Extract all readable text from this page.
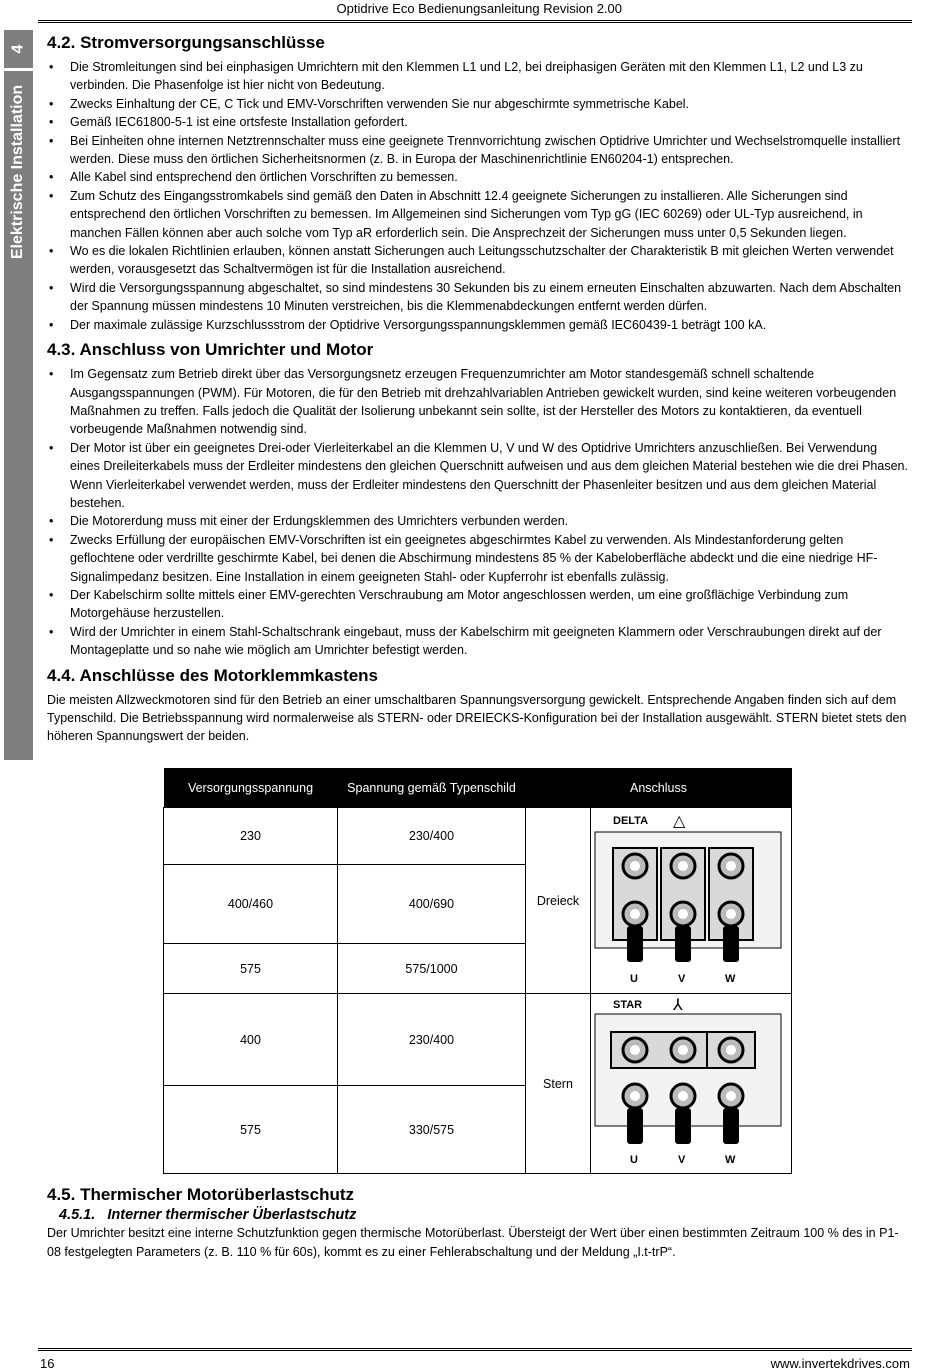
Optidrive Eco Bedienungsanleitung Revision 2.00
4
Elektrische Installation
4.2. Stromversorgungsanschlüsse
• Die Stromleitungen sind bei einphasigen Umrichtern mit den Klemmen L1 und L2, bei dreiphasigen Geräten mit den Klemmen L1, L2 und L3 zu verbinden. Die Phasenfolge ist hier nicht von Bedeutung.
• Zwecks Einhaltung der CE, C Tick und EMV-Vorschriften verwenden Sie nur abgeschirmte symmetrische Kabel.
• Gemäß IEC61800-5-1 ist eine ortsfeste Installation gefordert.
• Bei Einheiten ohne internen Netztrennschalter muss eine geeignete Trennvorrichtung zwischen Optidrive Umrichter und Wechselstromquelle installiert werden. Diese muss den örtlichen Sicherheitsnormen (z. B. in Europa der Maschinenrichtlinie EN60204-1) entsprechen.
• Alle Kabel sind entsprechend den örtlichen Vorschriften zu bemessen.
• Zum Schutz des Eingangsstromkabels sind gemäß den Daten in Abschnitt 12.4 geeignete Sicherungen zu installieren. Alle Sicherungen sind entsprechend den örtlichen Vorschriften zu bemessen. Im Allgemeinen sind Sicherungen vom Typ gG (IEC 60269) oder UL-Typ ausreichend, in manchen Fällen können aber auch solche vom Typ aR erforderlich sein. Die Ansprechzeit der Sicherungen muss unter 0,5 Sekunden liegen.
• Wo es die lokalen Richtlinien erlauben, können anstatt Sicherungen auch Leitungsschutzschalter der Charakteristik B mit gleichen Werten verwendet werden, vorausgesetzt das Schaltvermögen ist für die Installation ausreichend.
• Wird die Versorgungsspannung abgeschaltet, so sind mindestens 30 Sekunden bis zu einem erneuten Einschalten abzuwarten. Nach dem Abschalten der Spannung müssen mindestens 10 Minuten verstreichen, bis die Klemmenabdeckungen entfernt werden dürfen.
• Der maximale zulässige Kurzschlussstrom der Optidrive Versorgungsspannungsklemmen gemäß IEC60439-1 beträgt 100 kA.
4.3. Anschluss von Umrichter und Motor
• Im Gegensatz zum Betrieb direkt über das Versorgungsnetz erzeugen Frequenzumrichter am Motor standesgemäß schnell schaltende Ausgangsspannungen (PWM). Für Motoren, die für den Betrieb mit drehzahlvariablen Antrieben gewickelt wurden, sind keine weiteren vorbeugenden Maßnahmen zu treffen. Falls jedoch die Qualität der Isolierung unbekannt sein sollte, ist der Hersteller des Motors zu kontaktieren, da eventuell vorbeugende Maßnahmen notwendig sind.
• Der Motor ist über ein geeignetes Drei-oder Vierleiterkabel an die Klemmen U, V und W des Optidrive Umrichters anzuschließen. Bei Verwendung eines Dreileiterkabels muss der Erdleiter mindestens den gleichen Querschnitt aufweisen und aus dem gleichen Material bestehen wie die drei Phasen. Wenn Vierleiterkabel verwendet werden, muss der Erdleiter mindestens den Querschnitt der Phasenleiter besitzen und aus dem gleichen Material bestehen.
• Die Motorerdung muss mit einer der Erdungsklemmen des Umrichters verbunden werden.
• Zwecks Erfüllung der europäischen EMV-Vorschriften ist ein geeignetes abgeschirmtes Kabel zu verwenden. Als Mindestanforderung gelten geflochtene oder verdrillte geschirmte Kabel, bei denen die Abschirmung mindestens 85 % der Kabeloberfläche abdeckt und die eine niedrige HF-Signalimpedanz besitzen. Eine Installation in einem geeigneten Stahl- oder Kupferrohr ist ebenfalls zulässig.
• Der Kabelschirm sollte mittels einer EMV-gerechten Verschraubung am Motor angeschlossen werden, um eine großflächige Verbindung zum Motorgehäuse herzustellen.
• Wird der Umrichter in einem Stahl-Schaltschrank eingebaut, muss der Kabelschirm mit geeigneten Klammern oder Verschraubungen direkt auf der Montageplatte und so nahe wie möglich am Umrichter befestigt werden.
4.4. Anschlüsse des Motorklemmkastens

Die meisten Allzweckmotoren sind für den Betrieb an einer umschaltbaren Spannungsversorgung gewickelt. Entsprechende Angaben finden sich auf dem Typenschild. Die Betriebsspannung wird normalerweise als STERN- oder DREIECKS-Konfiguration bei der Installation ausgewählt. STERN bietet stets den höheren Spannungswert der beiden.

Versorgungsspannung	Spannung gemäß Typenschild	Anschluss	
230	230/400	Dreieck	DELTA △
U V W

400/460	400/690		
575	575/1000		
400	230/400	Stern	STAR ⅄
U V W

575	330/575		
4.5. Thermischer Motorüberlastschutz
4.5.1.   Interner thermischer Überlastschutz

Der Umrichter besitzt eine interne Schutzfunktion gegen thermische Motorüberlast. Übersteigt der Wert über einen bestimmten Zeitraum 100 % des in P1-08 festgelegten Parameters (z. B. 110 % für 60s), kommt es zu einer Fehlerabschaltung und der Meldung „I.t-trP“.

16	www.invertekdrives.com
